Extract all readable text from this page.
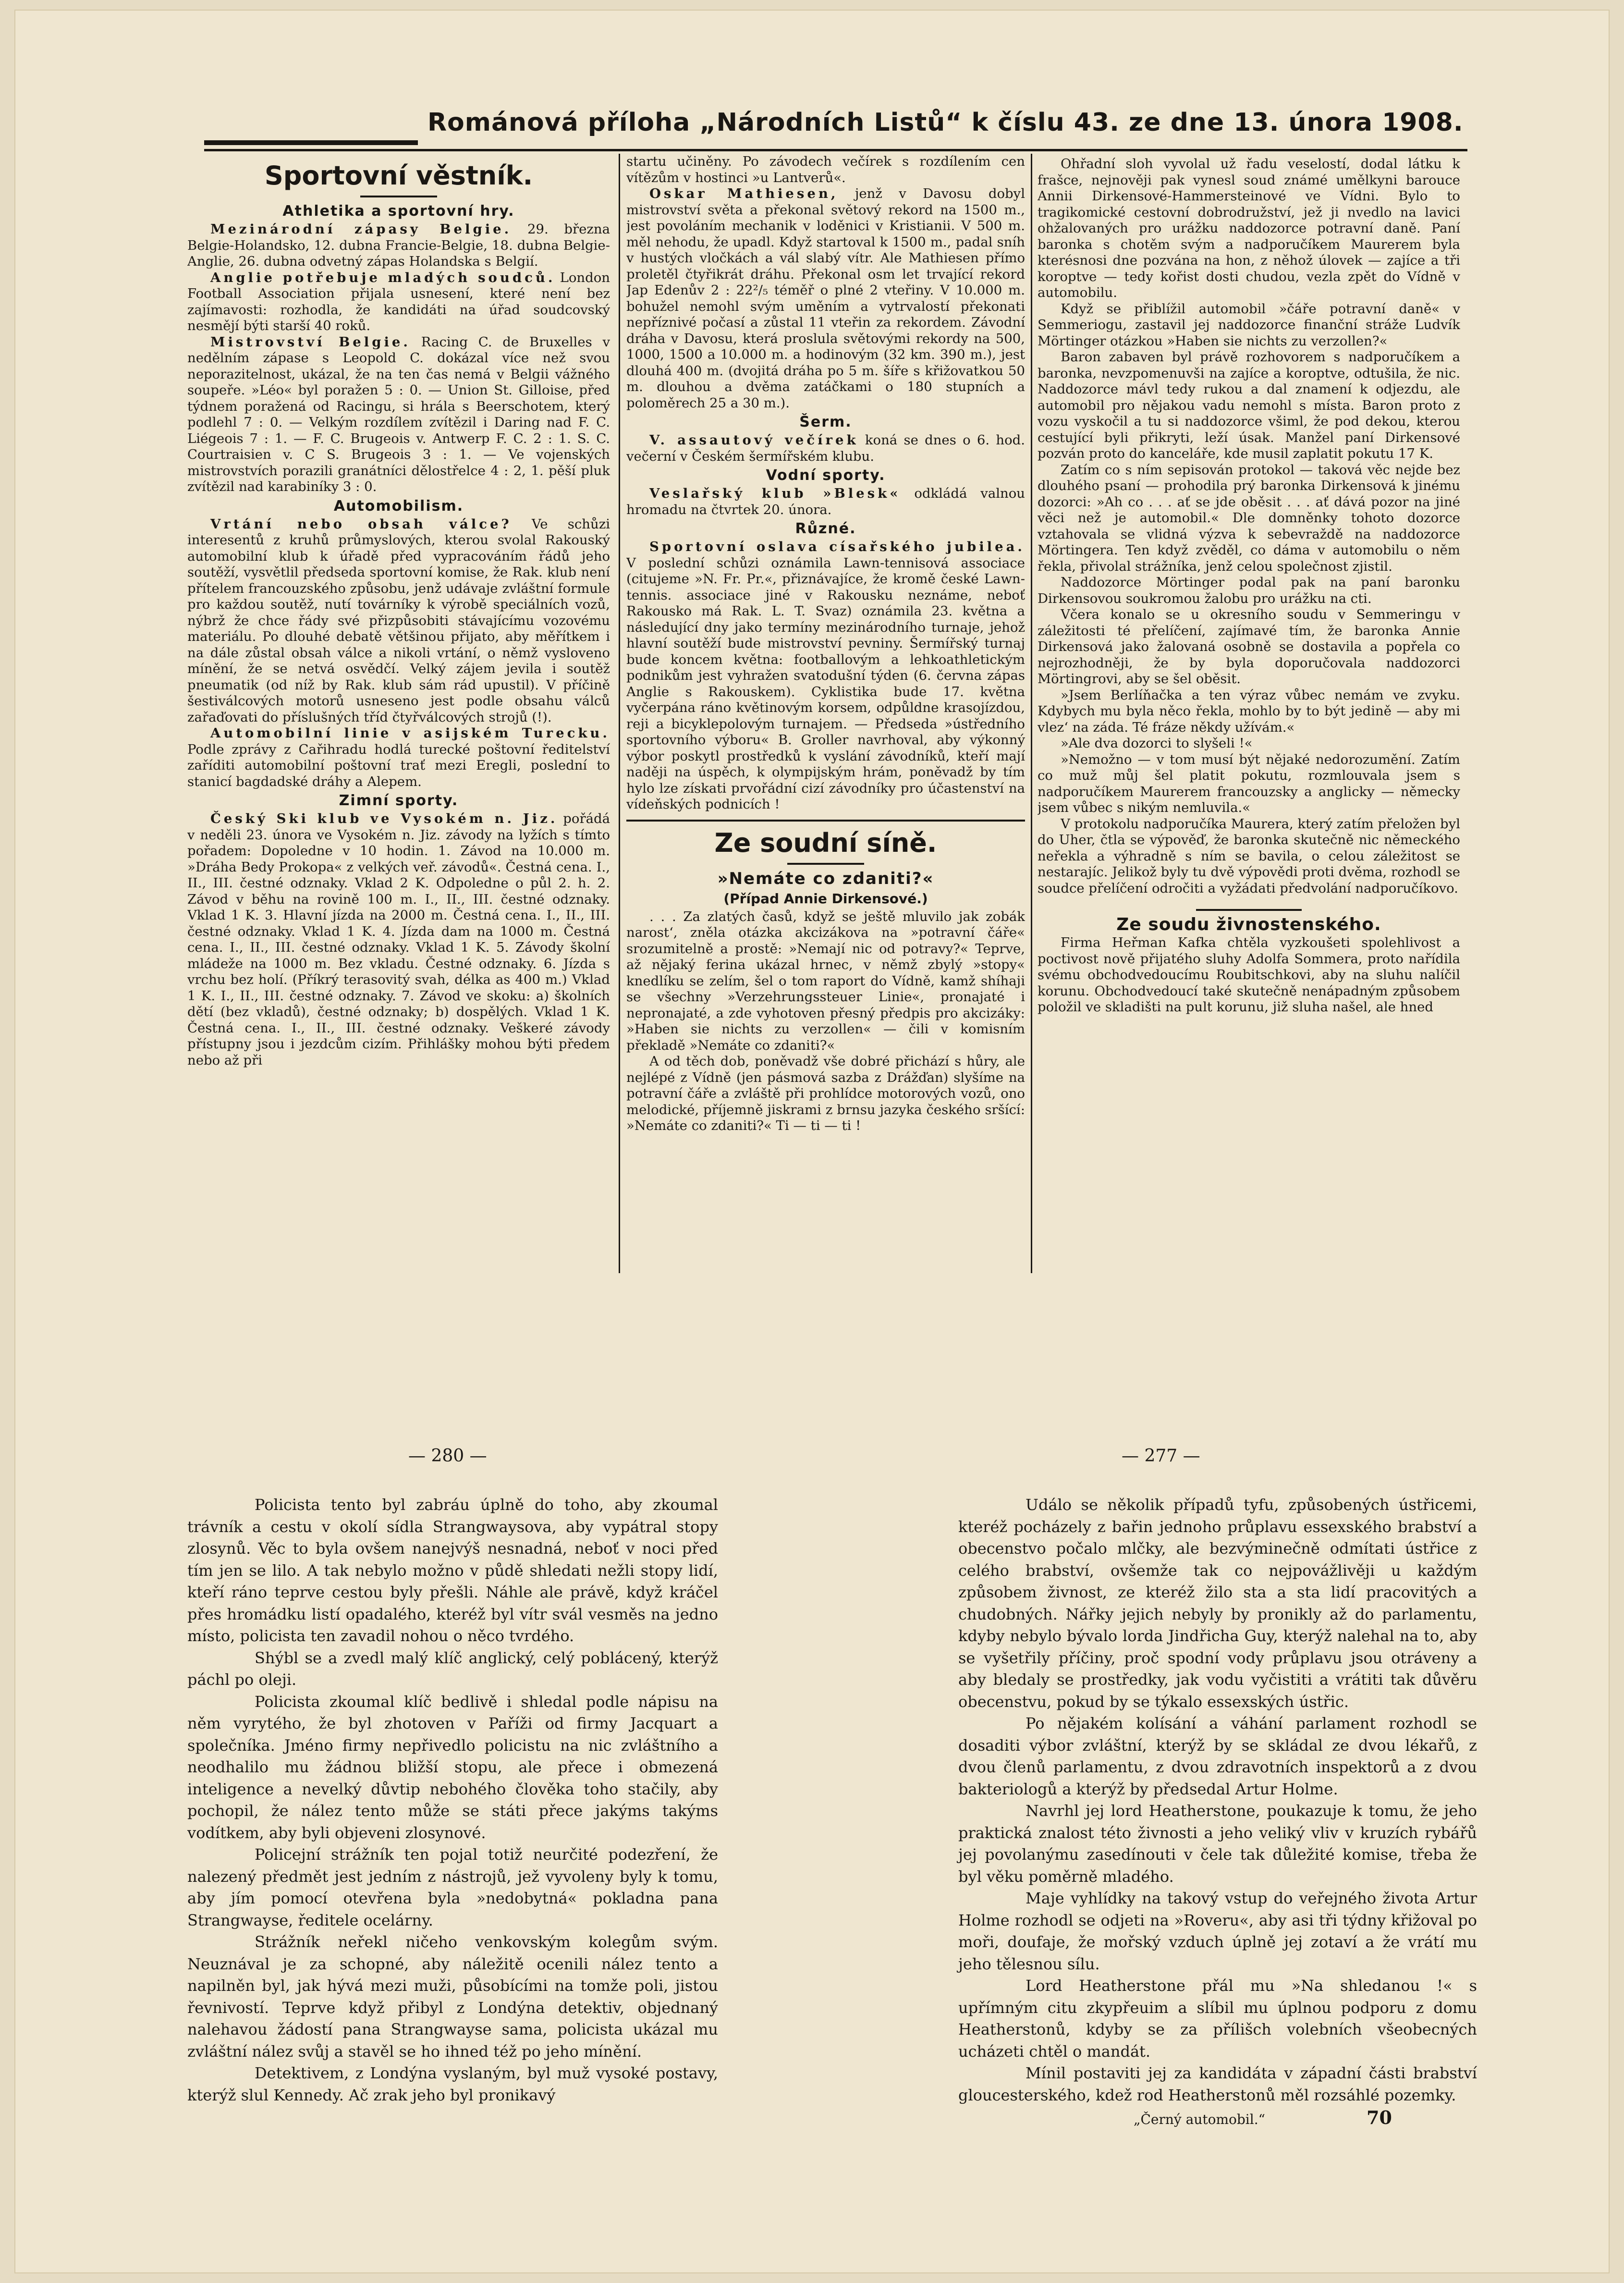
Románová příloha „Národních Listů“ k číslu 43. ze dne 13. února 1908.
Sportovní věstník.
Athletika a sportovní hry.

Mezinárodní zápasy Belgie. 29. března Belgie-Holandsko, 12. dubna Francie-Belgie, 18. dubna Belgie-Anglie, 26. dubna odvetný zápas Holandska s Belgií.

Anglie potřebuje mladých soudců. London Football Association přijala usnesení, které není bez zajímavosti: rozhodla, že kandidáti na úřad soudcovský nesmějí býti starší 40 roků.

Mistrovství Belgie. Racing C. de Bruxelles v nedělním zápase s Leopold C. dokázal více než svou neporazitelnost, ukázal, že na ten čas nemá v Belgii vážného soupeře. »Léo« byl poražen 5 : 0. — Union St. Gilloise, před týdnem poražená od Racingu, si hrála s Beerschotem, který podlehl 7 : 0. — Velkým rozdílem zvítězil i Daring nad F. C. Liégeois 7 : 1. — F. C. Brugeois v. Antwerp F. C. 2 : 1. S. C. Courtraisien v. C S. Brugeois 3 : 1. — Ve vojenských mistrovstvích porazili granátníci dělostřelce 4 : 2, 1. pěší pluk zvítězil nad karabiníky 3 : 0.

Automobilism.

Vrtání nebo obsah válce? Ve schůzi interesentů z kruhů průmyslových, kterou svolal Rakouský automobilní klub k úřadě před vypracováním řádů jeho soutěží, vysvětlil předseda sportovní komise, že Rak. klub není přítelem francouzského způsobu, jenž udávaje zvláštní formule pro každou soutěž, nutí továrníky k výrobě speciálních vozů, nýbrž že chce řády své přizpůsobiti stávajícímu vozovému materiálu. Po dlouhé debatě většinou přijato, aby měřítkem i na dále zůstal obsah válce a nikoli vrtání, o němž vysloveno mínění, že se netvá osvědčí. Velký zájem jevila i soutěž pneumatik (od níž by Rak. klub sám rád upustil). V příčině šestiválcových motorů usneseno jest podle obsahu válců zařaďovati do příslušných tříd čtyřválcových strojů (!).

Automobilní linie v asijském Turecku. Podle zprávy z Cařihradu hodlá turecké poštovní ředitelství zaříditi automobilní poštovní trať mezi Eregli, poslední to stanicí bagdadské dráhy a Alepem.

Zimní sporty.

Český Ski klub ve Vysokém n. Jiz. pořádá v neděli 23. února ve Vysokém n. Jiz. závody na lyžích s tímto pořadem: Dopoledne v 10 hodin. 1. Závod na 10.000 m. »Dráha Bedy Prokopa« z velkých veř. závodů«. Čestná cena. I., II., III. čestné odznaky. Vklad 2 K. Odpoledne o půl 2. h. 2. Závod v běhu na rovině 100 m. I., II., III. čestné odznaky. Vklad 1 K. 3. Hlavní jízda na 2000 m. Čestná cena. I., II., III. čestné odznaky. Vklad 1 K. 4. Jízda dam na 1000 m. Čestná cena. I., II., III. čestné odznaky. Vklad 1 K. 5. Závody školní mládeže na 1000 m. Bez vkladu. Čestné odznaky. 6. Jízda s vrchu bez holí. (Příkrý terasovitý svah, délka as 400 m.) Vklad 1 K. I., II., III. čestné odznaky. 7. Závod ve skoku: a) školních dětí (bez vkladů), čestné odznaky; b) dospělých. Vklad 1 K. Čestná cena. I., II., III. čestné odznaky. Veškeré závody přístupny jsou i jezdcům cizím. Přihlášky mohou býti předem nebo až při

startu učiněny. Po závodech večírek s rozdílením cen vítězům v hostinci »u Lantverů«.

Oskar Mathiesen, jenž v Davosu dobyl mistrovství světa a překonal světový rekord na 1500 m., jest povoláním mechanik v loděnici v Kristianii. V 500 m. měl nehodu, že upadl. Když startoval k 1500 m., padal sníh v hustých vločkách a vál slabý vítr. Ale Mathiesen přímo proletěl čtyřikrát dráhu. Překonal osm let trvající rekord Jap Edenův 2 : 22²/₅ téměř o plné 2 vteřiny. V 10.000 m. bohužel nemohl svým uměním a vytrvalostí překonati nepříznivé počasí a zůstal 11 vteřin za rekordem. Závodní dráha v Davosu, která proslula světovými rekordy na 500, 1000, 1500 a 10.000 m. a hodinovým (32 km. 390 m.), jest dlouhá 400 m. (dvojitá dráha po 5 m. šíře s křižovatkou 50 m. dlouhou a dvěma zatáčkami o 180 stupních a poloměrech 25 a 30 m.).

Šerm.

V. assautový večírek koná se dnes o 6. hod. večerní v Českém šermířském klubu.

Vodní sporty.

Veslařský klub »Blesk« odkládá valnou hromadu na čtvrtek 20. února.

Různé.

Sportovní oslava císařského jubilea. V poslední schůzi oznámila Lawn-tennisová associace (citujeme »N. Fr. Pr.«, přiznávajíce, že kromě české Lawn-tennis. associace jiné v Rakousku neznáme, neboť Rakousko má Rak. L. T. Svaz) oznámila 23. května a následující dny jako termíny mezinárodního turnaje, jehož hlavní soutěží bude mistrovství pevniny. Šermířský turnaj bude koncem května: footballovým a lehkoathletickým podnikům jest vyhražen svatodušní týden (6. června zápas Anglie s Rakouskem). Cyklistika bude 17. května vyčerpána ráno květinovým korsem, odpůldne krasojízdou, reji a bicyklepolovým turnajem. — Předseda »ústředního sportovního výboru« B. Groller navrhoval, aby výkonný výbor poskytl prostředků k vyslání závodníků, kteří mají naději na úspěch, k olympijským hrám, poněvadž by tím hylo lze získati prvořádní cizí závodníky pro účastenství na vídeňských podnicích !

Ze soudní síně.
»Nemáte co zdaniti?«
(Případ Annie Dirkensové.)

. . . Za zlatých časů, když se ještě mluvilo jak zobák narost‘, zněla otázka akcizákova na »potravní čáře« srozumitelně a prostě: »Nemají nic od potravy?« Teprve, až nějaký ferina ukázal hrnec, v němž zbylý »stopy« knedlíku se zelím, šel o tom raport do Vídně, kamž shíhaji se všechny »Verzehrungssteuer Linie«, pronajaté i nepronajaté, a zde vyhotoven přesný předpis pro akcizáky: »Haben sie nichts zu verzollen« — čili v komisním překladě »Nemáte co zdaniti?«

A od těch dob, poněvadž vše dobré přichází s hůry, ale nejlépé z Vídně (jen pásmová sazba z Drážďan) slyšíme na potravní čáře a zvláště při prohlídce motorových vozů, ono melodické, příjemně jiskrami z brnsu jazyka českého sršící: »Nemáte co zdaniti?« Ti — ti — ti !

Ohřadní sloh vyvolal už řadu veselostí, dodal látku k frašce, nejnověji pak vynesl soud známé umělkyni barouce Annii Dirkensové-Hammersteinové ve Vídni. Bylo to tragikomické cestovní dobrodružství, jež ji nvedlo na lavici ohžalovaných pro urážku naddozorce potravní daně. Paní baronka s chotěm svým a nadporučíkem Maurerem byla kterésnosi dne pozvána na hon, z něhož úlovek — zajíce a tři koroptve — tedy kořist dosti chudou, vezla zpět do Vídně v automobilu.

Když se přiblížil automobil »čáře potravní daně« v Semmeriogu, zastavil jej naddozorce finanční stráže Ludvík Mörtinger otázkou »Haben sie nichts zu verzollen?«

Baron zabaven byl právě rozhovorem s nadporučíkem a baronka, nevzpomenuvši na zajíce a koroptve, odtušila, že nic. Naddozorce mávl tedy rukou a dal znamení k odjezdu, ale automobil pro nějakou vadu nemohl s místa. Baron proto z vozu vyskočil a tu si naddozorce všiml, že pod dekou, kterou cestující byli přikryti, leží úsak. Manžel paní Dirkensové pozván proto do kanceláře, kde musil zaplatit pokutu 17 K.

Zatím co s ním sepisován protokol — taková věc nejde bez dlouhého psaní — prohodila prý baronka Dirkensová k jinému dozorci: »Ah co . . . ať se jde oběsit . . . ať dává pozor na jiné věci než je automobil.« Dle domněnky tohoto dozorce vztahovala se vlidná výzva k sebevraždě na naddozorce Mörtingera. Ten když zvěděl, co dáma v automobilu o něm řekla, přivolal strážníka, jenž celou společnost zjistil.

Naddozorce Mörtinger podal pak na paní baronku Dirkensovou soukromou žalobu pro urážku na cti.

Včera konalo se u okresního soudu v Semmeringu v záležitosti té přelíčení, zajímavé tím, že baronka Annie Dirkensová jako žalovaná osobně se dostavila a popřela co nejrozhodněji, že by byla doporučovala naddozorci Mörtingrovi, aby se šel oběsit.

»Jsem Berlíňačka a ten výraz vůbec nemám ve zvyku. Kdybych mu byla něco řekla, mohlo by to být jedině — aby mi vlez‘ na záda. Té fráze někdy užívám.«

»Ale dva dozorci to slyšeli !«

»Nemožno — v tom musí být nějaké nedorozumění. Zatím co muž můj šel platit pokutu, rozmlouvala jsem s nadporučíkem Maurerem francouzsky a anglicky — německy jsem vůbec s nikým nemluvila.«

V protokolu nadporučíka Maurera, který zatím přeložen byl do Uher, čtla se výpověď, že baronka skutečně nic německého neřekla a výhradně s ním se bavila, o celou záležitost se nestarajíc. Jelikož byly tu dvě výpovědi proti dvěma, rozhodl se soudce přelíčení odročiti a vyžádati předvolání nadporučíkovo.

Ze soudu živnostenského.

Firma Heřman Kafka chtěla vyzkoušeti spolehlivost a poctivost nově přijatého sluhy Adolfa Sommera, proto nařídila svému obchodvedoucímu Roubitschkovi, aby na sluhu nalíčil korunu. Obchodvedoucí také skutečně nenápadným způsobem položil ve skladišti na pult korunu, již sluha našel, ale hned

— 280 —

Policista tento byl zabráu úplně do toho, aby zkoumal trávník a cestu v okolí sídla Strangwaysova, aby vypátral stopy zlosynů. Věc to byla ovšem nanejvýš nesnadná, neboť v noci před tím jen se lilo. A tak nebylo možno v půdě shledati nežli stopy lidí, kteří ráno teprve cestou byly přešli. Náhle ale právě, když kráčel přes hromádku listí opadalého, kteréž byl vítr svál vesměs na jedno místo, policista ten zavadil nohou o něco tvrdého.

Shýbl se a zvedl malý klíč anglický, celý poblácený, kterýž páchl po oleji.

Policista zkoumal klíč bedlivě i shledal podle nápisu na něm vyrytého, že byl zhotoven v Paříži od firmy Jacquart a společníka. Jméno firmy nepřivedlo policistu na nic zvláštního a neodhalilo mu žádnou bližší stopu, ale přece i obmezená inteligence a nevelký důvtip nebohého člověka toho stačily, aby pochopil, že nález tento může se státi přece jakýms takýms vodítkem, aby byli objeveni zlosynové.

Policejní strážník ten pojal totiž neurčité podezření, že nalezený předmět jest jedním z nástrojů, jež vyvoleny byly k tomu, aby jím pomocí otevřena byla »nedobytná« pokladna pana Strangwayse, ředitele ocelárny.

Strážník neřekl ničeho venkovským kolegům svým. Neuznával je za schopné, aby náležitě ocenili nález tento a napilněn byl, jak hývá mezi muži, působícími na tomže poli, jistou řevnivostí. Teprve když přibyl z Londýna detektiv, objednaný nalehavou žádostí pana Strangwayse sama, policista ukázal mu zvláštní nález svůj a stavěl se ho ihned též po jeho mínění.

Detektivem, z Londýna vyslaným, byl muž vysoké postavy, kterýž slul Kennedy. Ač zrak jeho byl pronikavý

— 277 —

Událo se několik případů tyfu, způsobených ústřicemi, kteréž pocházely z bařin jednoho průplavu essexského brabství a obecenstvo počalo mlčky, ale bezvýminečně odmítati ústřice z celého brabství, ovšemže tak co nejpovážlivěji u každým způsobem živnost, ze kteréž žilo sta a sta lidí pracovitých a chudobných. Nářky jejich nebyly by pronikly až do parlamentu, kdyby nebylo bývalo lorda Jindřicha Guy, kterýž nalehal na to, aby se vyšetřily příčiny, proč spodní vody průplavu jsou otráveny a aby bledaly se prostředky, jak vodu vyčistiti a vrátiti tak důvěru obecenstvu, pokud by se týkalo essexských ústřic.

Po nějakém kolísání a váhání parlament rozhodl se dosaditi výbor zvláštní, kterýž by se skládal ze dvou lékařů, z dvou členů parlamentu, z dvou zdravotních inspektorů a z dvou bakteriologů a kterýž by předsedal Artur Holme.

Navrhl jej lord Heatherstone, poukazuje k tomu, že jeho praktická znalost této živnosti a jeho veliký vliv v kruzích rybářů jej povolanýmu zasedínouti v čele tak důležité komise, třeba že byl věku poměrně mladého.

Maje vyhlídky na takový vstup do veřejného života Artur Holme rozhodl se odjeti na »Roveru«, aby asi tři týdny křižoval po moři, doufaje, že mořský vzduch úplně jej zotaví a že vrátí mu jeho tělesnou sílu.

Lord Heatherstone přál mu »Na shledanou !« s upřímným citu zkypřeuim a slíbil mu úplnou podporu z domu Heatherstonů, kdyby se za přílišch volebních všeobecných ucházeti chtěl o mandát.

Mínil postaviti jej za kandidáta v západní části brabství gloucesterského, kdež rod Heatherstonů měl rozsáhlé pozemky.

„Černý automobil.“	70
